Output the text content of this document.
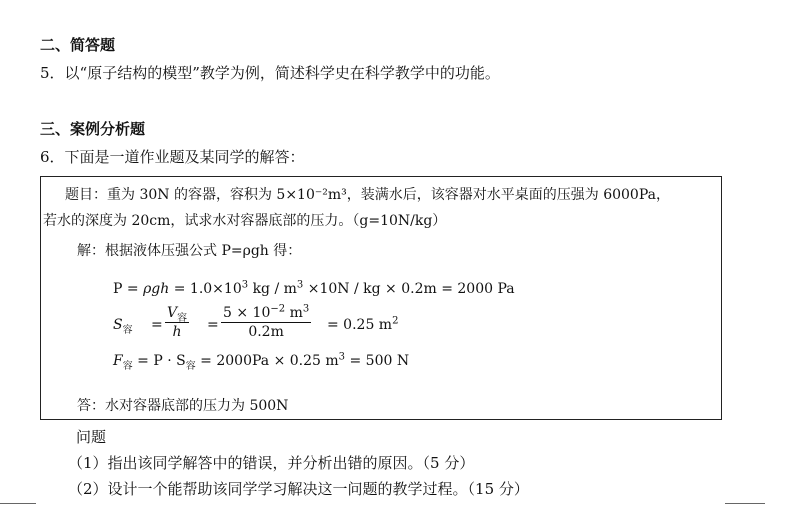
二、简答题
5．以“原子结构的模型”教学为例，简述科学史在科学教学中的功能。
三、案例分析题
6．下面是一道作业题及某同学的解答：
题目：重为 30N 的容器，容积为 5×10⁻²m³，装满水后，该容器对水平桌面的压强为 6000Pa，
若水的深度为 20cm，试求水对容器底部的压力。（g=10N/kg）
解：根据液体压强公式 P=ρgh 得：
$P = \rho gh = 1.0\times 10^3$ kg / $m^3 \times 10N$ / kg × 0.2m = 2000 Pa
$S_容$ =
$V_容$
$h = \frac{5 \times 10^{-2} m^3}{0.2m} = 0.25$ $m^2$
$F_容 = P \cdot S_容 = 2000Pa \times 0.25$ $m^3 = 500$ N
答：水对容器底部的压力为 500N
问题
（1）指出该同学解答中的错误，并分析出错的原因。（5 分）
（2）设计一个能帮助该同学学习解决这一问题的教学过程。（15 分）
